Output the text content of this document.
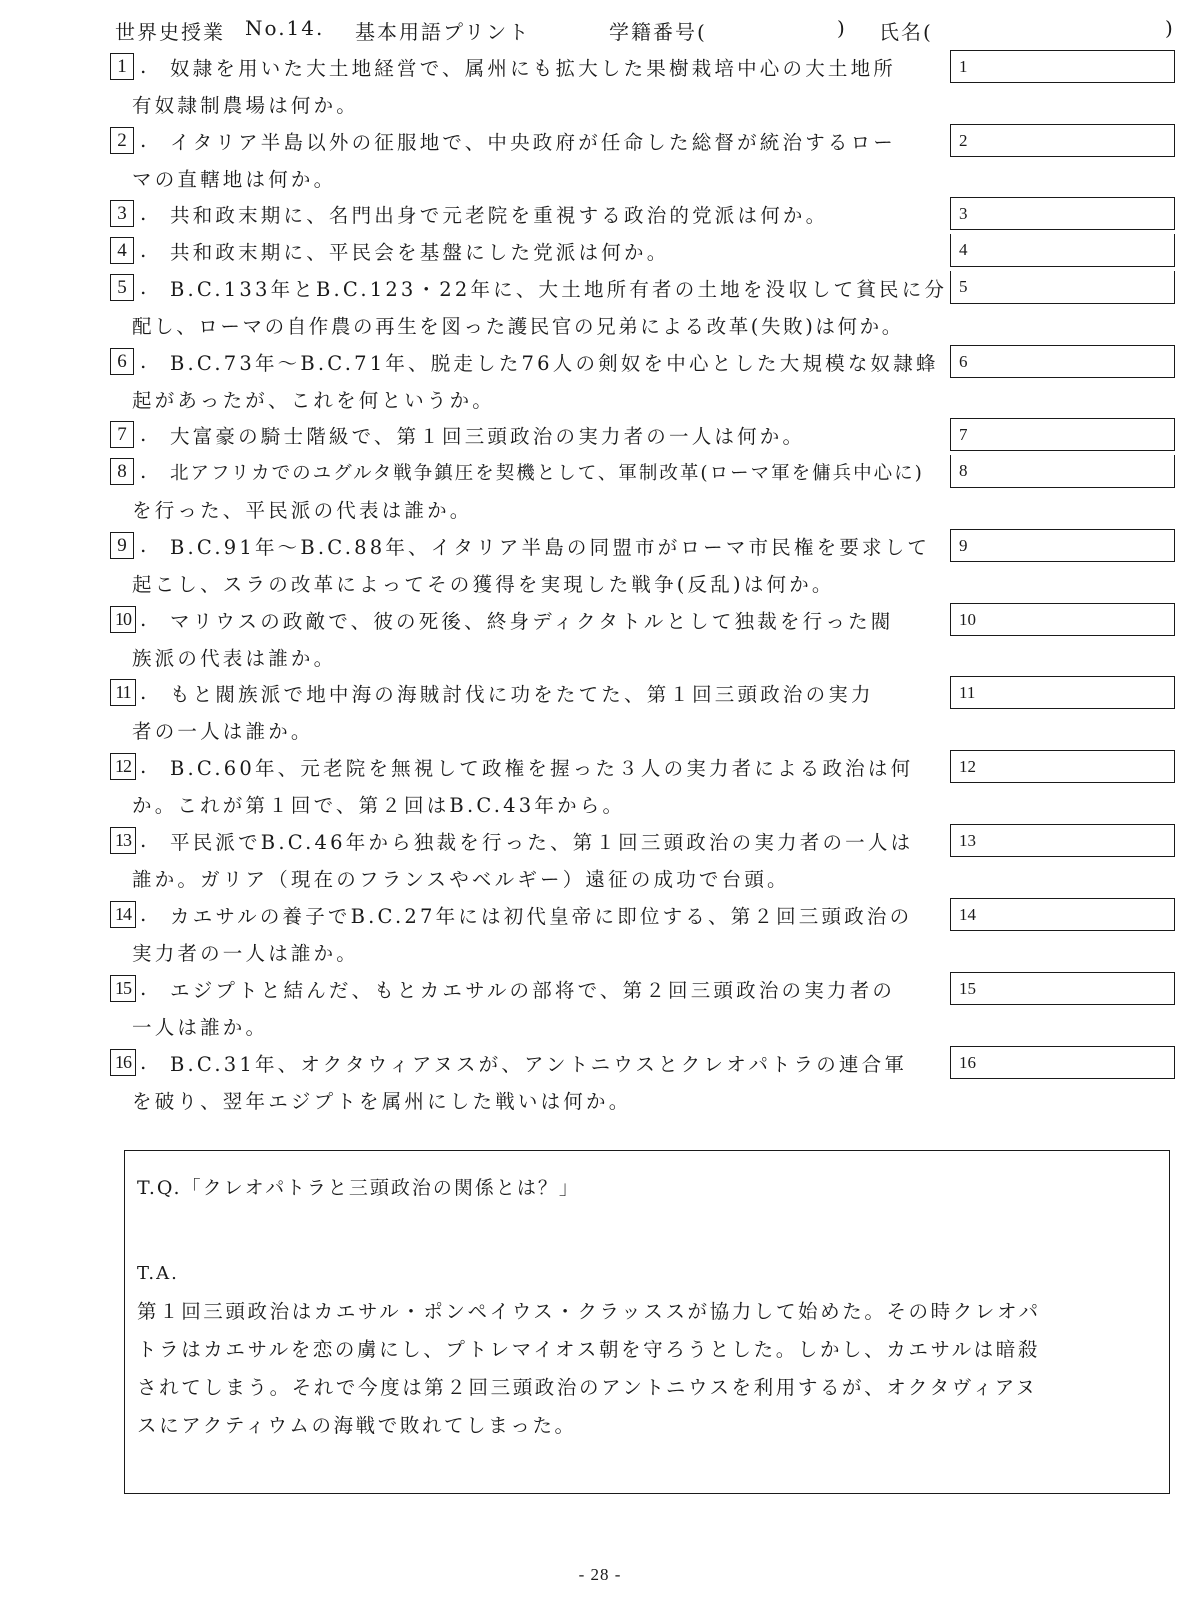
世界史授業 No.14. 基本用語プリント	学籍番号(	) 氏名(	)
1 . 奴隷を用いた大土地経営で、属州にも拡大した果樹栽培中心の大土地所
有奴隷制農場は何か。
1
2 . イタリア半島以外の征服地で、中央政府が任命した総督が統治するロー
マの直轄地は何か。
2
3 . 共和政末期に、名門出身で元老院を重視する政治的党派は何か。	3
4 . 共和政末期に、平民会を基盤にした党派は何か。	4
5 . B.C.133年とB.C.123・22年に、大土地所有者の土地を没収して貧民に分
配し、ローマの自作農の再生を図った護民官の兄弟による改革(失敗)は何か。
5
6 . B.C.73年～B.C.71年、脱走した76人の剣奴を中心とした大規模な奴隷蜂
起があったが、これを何というか。
6
7 . 大富豪の騎士階級で、第１回三頭政治の実力者の一人は何か。	7
8 . 北アフリカでのユグルタ戦争鎮圧を契機として、軍制改革(ローマ軍を傭兵中心に)
を行った、平民派の代表は誰か。
8
9 . B.C.91年～B.C.88年、イタリア半島の同盟市がローマ市民権を要求して
起こし、スラの改革によってその獲得を実現した戦争(反乱)は何か。
9
10 . マリウスの政敵で、彼の死後、終身ディクタトルとして独裁を行った閥
族派の代表は誰か。
10
11 . もと閥族派で地中海の海賊討伐に功をたてた、第１回三頭政治の実力
者の一人は誰か。
11
12 . B.C.60年、元老院を無視して政権を握った３人の実力者による政治は何
か。これが第１回で、第２回はB.C.43年から。
12
13 . 平民派でB.C.46年から独裁を行った、第１回三頭政治の実力者の一人は
誰か。ガリア（現在のフランスやベルギー）遠征の成功で台頭。
13
14 . カエサルの養子でB.C.27年には初代皇帝に即位する、第２回三頭政治の
実力者の一人は誰か。
14
15 . エジプトと結んだ、もとカエサルの部将で、第２回三頭政治の実力者の
一人は誰か。
15
16 . B.C.31年、オクタウィアヌスが、アントニウスとクレオパトラの連合軍
を破り、翌年エジプトを属州にした戦いは何か。
16
T.Q.「クレオパトラと三頭政治の関係とは？」
T.A.
第１回三頭政治はカエサル・ポンペイウス・クラッススが協力して始めた。その時クレオパ
トラはカエサルを恋の虜にし、プトレマイオス朝を守ろうとした。しかし、カエサルは暗殺
されてしまう。それで今度は第２回三頭政治のアントニウスを利用するが、オクタヴィアヌ
スにアクティウムの海戦で敗れてしまった。
- 28 -
